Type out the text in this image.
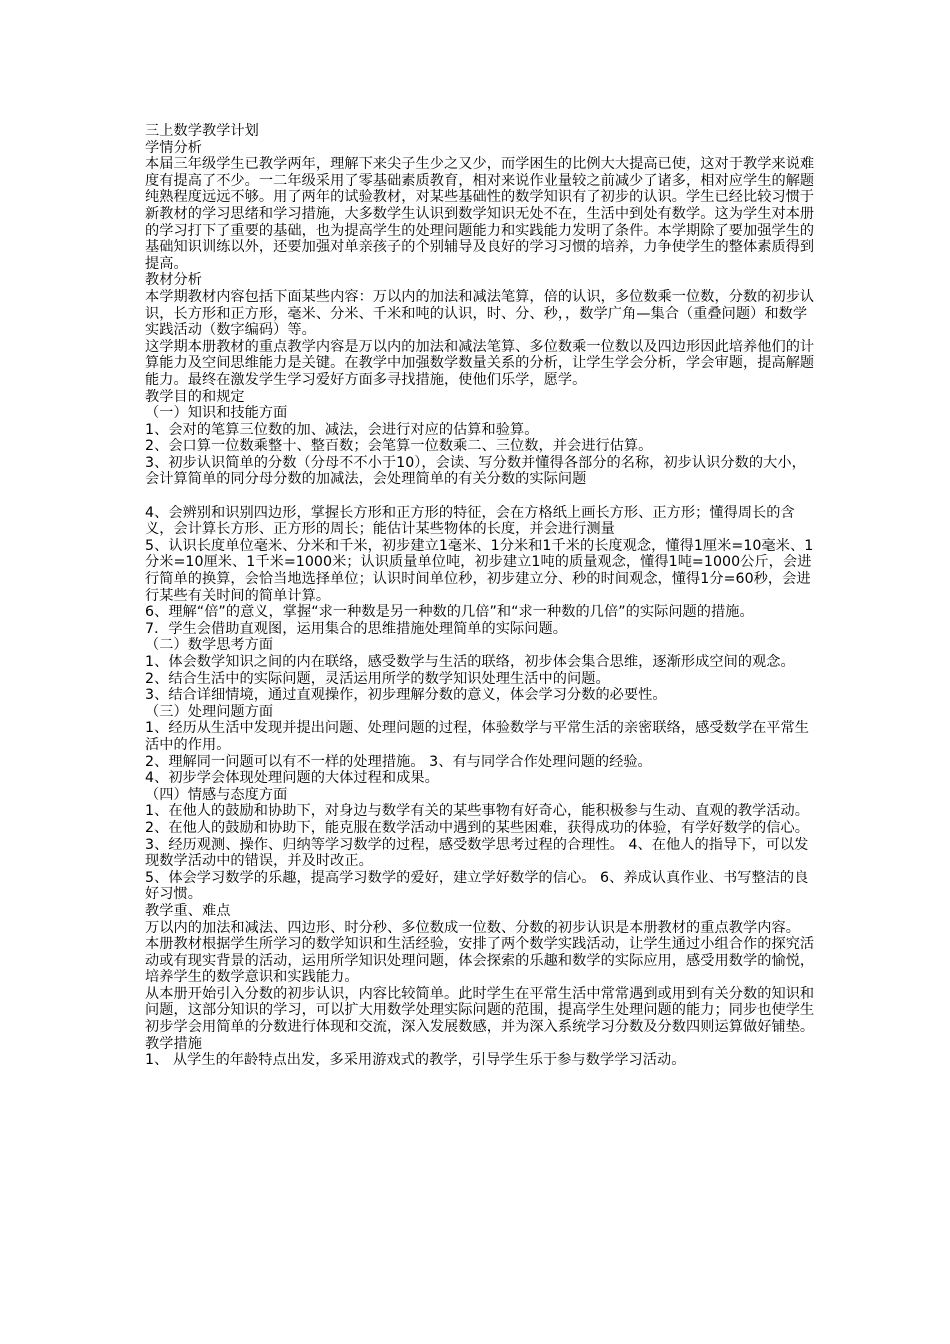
三上数学教学计划

学情分析

本届三年级学生已教学两年，理解下来尖子生少之又少，而学困生的比例大大提高已使，这对于教学来说难度有提高了不少。一二年级采用了零基础素质教育，相对来说作业量较之前减少了诸多，相对应学生的解题纯熟程度远远不够。用了两年的试验教材，对某些基础性的数学知识有了初步的认识。学生已经比较习惯于新教材的学习思绪和学习措施，大多数学生认识到数学知识无处不在，生活中到处有数学。这为学生对本册的学习打下了重要的基础，也为提高学生的处理问题能力和实践能力发明了条件。本学期除了要加强学生的基础知识训练以外，还要加强对单亲孩子的个别辅导及良好的学习习惯的培养，力争使学生的整体素质得到提高。

教材分析

本学期教材内容包括下面某些内容：万以内的加法和减法笔算，倍的认识，多位数乘一位数，分数的初步认识，长方形和正方形，毫米、分米、千米和吨的认识，时、分、秒，，数学广角—集合（重叠问题）和数学实践活动（数字编码）等。

这学期本册教材的重点教学内容是万以内的加法和减法笔算、多位数乘一位数以及四边形因此培养他们的计算能力及空间思维能力是关键。在教学中加强数学数量关系的分析，让学生学会分析，学会审题，提高解题能力。最终在激发学生学习爱好方面多寻找措施，使他们乐学，愿学。

教学目的和规定

（一）知识和技能方面

1、会对的笔算三位数的加、减法，会进行对应的估算和验算。

2、会口算一位数乘整十、整百数；会笔算一位数乘二、三位数，并会进行估算。

3、初步认识简单的分数（分母不不小于10），会读、写分数并懂得各部分的名称，初步认识分数的大小，会计算简单的同分母分数的加减法，会处理简单的有关分数的实际问题

4、会辨别和识别四边形，掌握长方形和正方形的特征，会在方格纸上画长方形、正方形；懂得周长的含义，会计算长方形、正方形的周长；能估计某些物体的长度，并会进行测量

5、认识长度单位毫米、分米和千米，初步建立1毫米、1分米和1千米的长度观念，懂得1厘米=10毫米、1分米=10厘米、1千米=1000米；认识质量单位吨，初步建立1吨的质量观念，懂得1吨=1000公斤，会进行简单的换算，会恰当地选择单位；认识时间单位秒，初步建立分、秒的时间观念，懂得1分=60秒，会进行某些有关时间的简单计算。

6、理解“倍”的意义，掌握“求一种数是另一种数的几倍”和“求一种数的几倍”的实际问题的措施。

7．学生会借助直观图，运用集合的思维措施处理简单的实际问题。

（二）数学思考方面

1、体会数学知识之间的内在联络，感受数学与生活的联络，初步体会集合思维，逐渐形成空间的观念。

2、结合生活中的实际问题，灵活运用所学的数学知识处理生活中的问题。

3、结合详细情境，通过直观操作，初步理解分数的意义，体会学习分数的必要性。

（三）处理问题方面

1、经历从生活中发现并提出问题、处理问题的过程，体验数学与平常生活的亲密联络，感受数学在平常生活中的作用。

2、理解同一问题可以有不一样的处理措施。 3、有与同学合作处理问题的经验。

4、初步学会体现处理问题的大体过程和成果。

（四）情感与态度方面

1、在他人的鼓励和协助下，对身边与数学有关的某些事物有好奇心，能积极参与生动、直观的教学活动。

2、在他人的鼓励和协助下，能克服在数学活动中遇到的某些困难，获得成功的体验，有学好数学的信心。

3、经历观测、操作、归纳等学习数学的过程，感受数学思考过程的合理性。 4、在他人的指导下，可以发现数学活动中的错误，并及时改正。

5、体会学习数学的乐趣，提高学习数学的爱好，建立学好数学的信心。 6、养成认真作业、书写整洁的良好习惯。

教学重、难点

万以内的加法和减法、四边形、时分秒、多位数成一位数、分数的初步认识是本册教材的重点教学内容。

本册教材根据学生所学习的数学知识和生活经验，安排了两个数学实践活动，让学生通过小组合作的探究活动或有现实背景的活动，运用所学知识处理问题，体会探索的乐趣和数学的实际应用，感受用数学的愉悦，培养学生的数学意识和实践能力。

从本册开始引入分数的初步认识，内容比较简单。此时学生在平常生活中常常遇到或用到有关分数的知识和问题，这部分知识的学习，可以扩大用数学处理实际问题的范围，提高学生处理问题的能力；同步也使学生初步学会用简单的分数进行体现和交流，深入发展数感，并为深入系统学习分数及分数四则运算做好铺垫。

教学措施

1、 从学生的年龄特点出发，多采用游戏式的教学，引导学生乐于参与数学学习活动。
